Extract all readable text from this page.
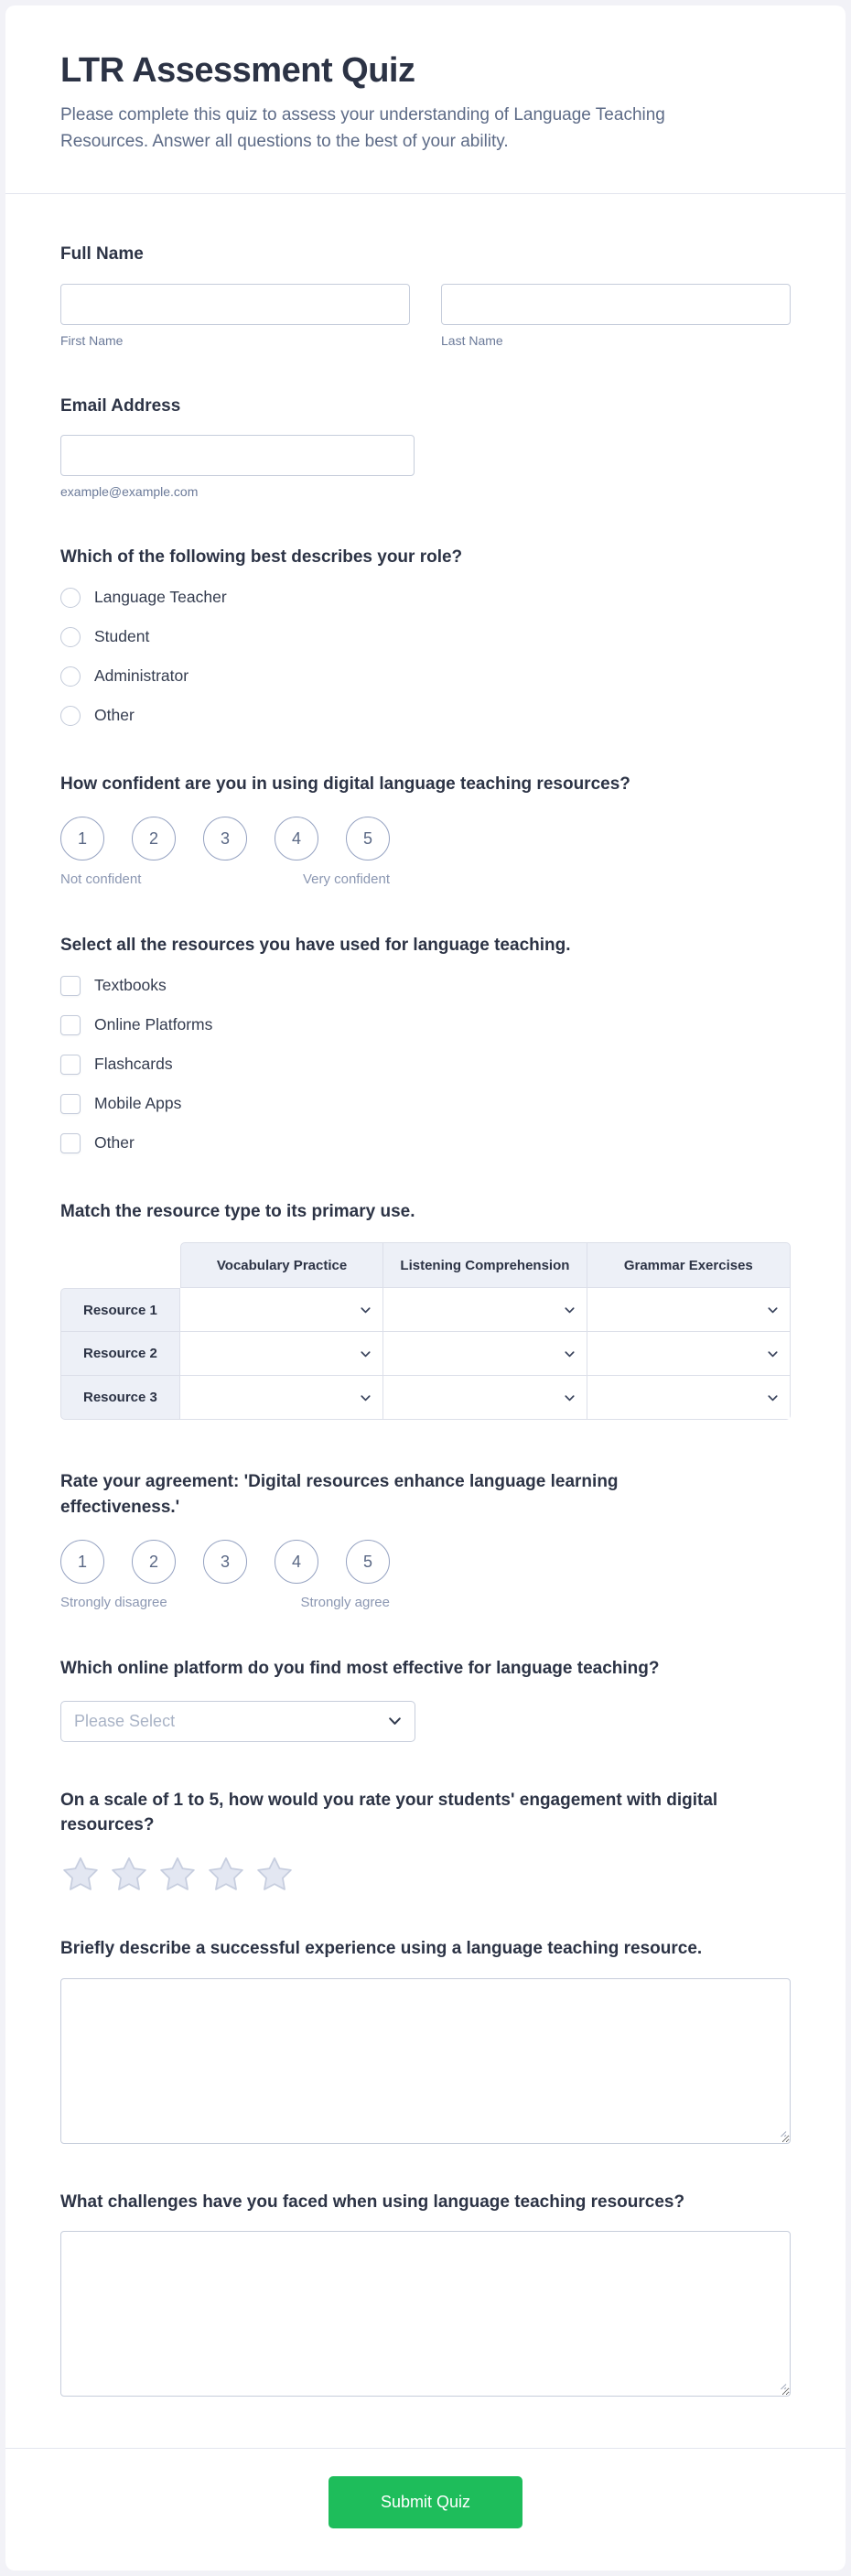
LTR Assessment Quiz

Please complete this quiz to assess your understanding of Language Teaching Resources. Answer all questions to the best of your ability.

Full Name
First Name	Last Name
Email Address
example@example.com
Which of the following best describes your role?
Language Teacher
Student
Administrator
Other
How confident are you in using digital language teaching resources?
1	2	3	4	5
Not confident	Very confident
Select all the resources you have used for language teaching.
Textbooks
Online Platforms
Flashcards
Mobile Apps
Other
Match the resource type to its primary use.
	Vocabulary Practice	Listening Comprehension	Grammar Exercises
Resource 1	

Resource 2	

Resource 3	

Rate your agreement: 'Digital resources enhance language learning effectiveness.'
1	2	3	4	5
Strongly disagree	Strongly agree
Which online platform do you find most effective for language teaching?
Please Select
On a scale of 1 to 5, how would you rate your students' engagement with digital resources?
Briefly describe a successful experience using a language teaching resource.
What challenges have you faced when using language teaching resources?
Submit Quiz
